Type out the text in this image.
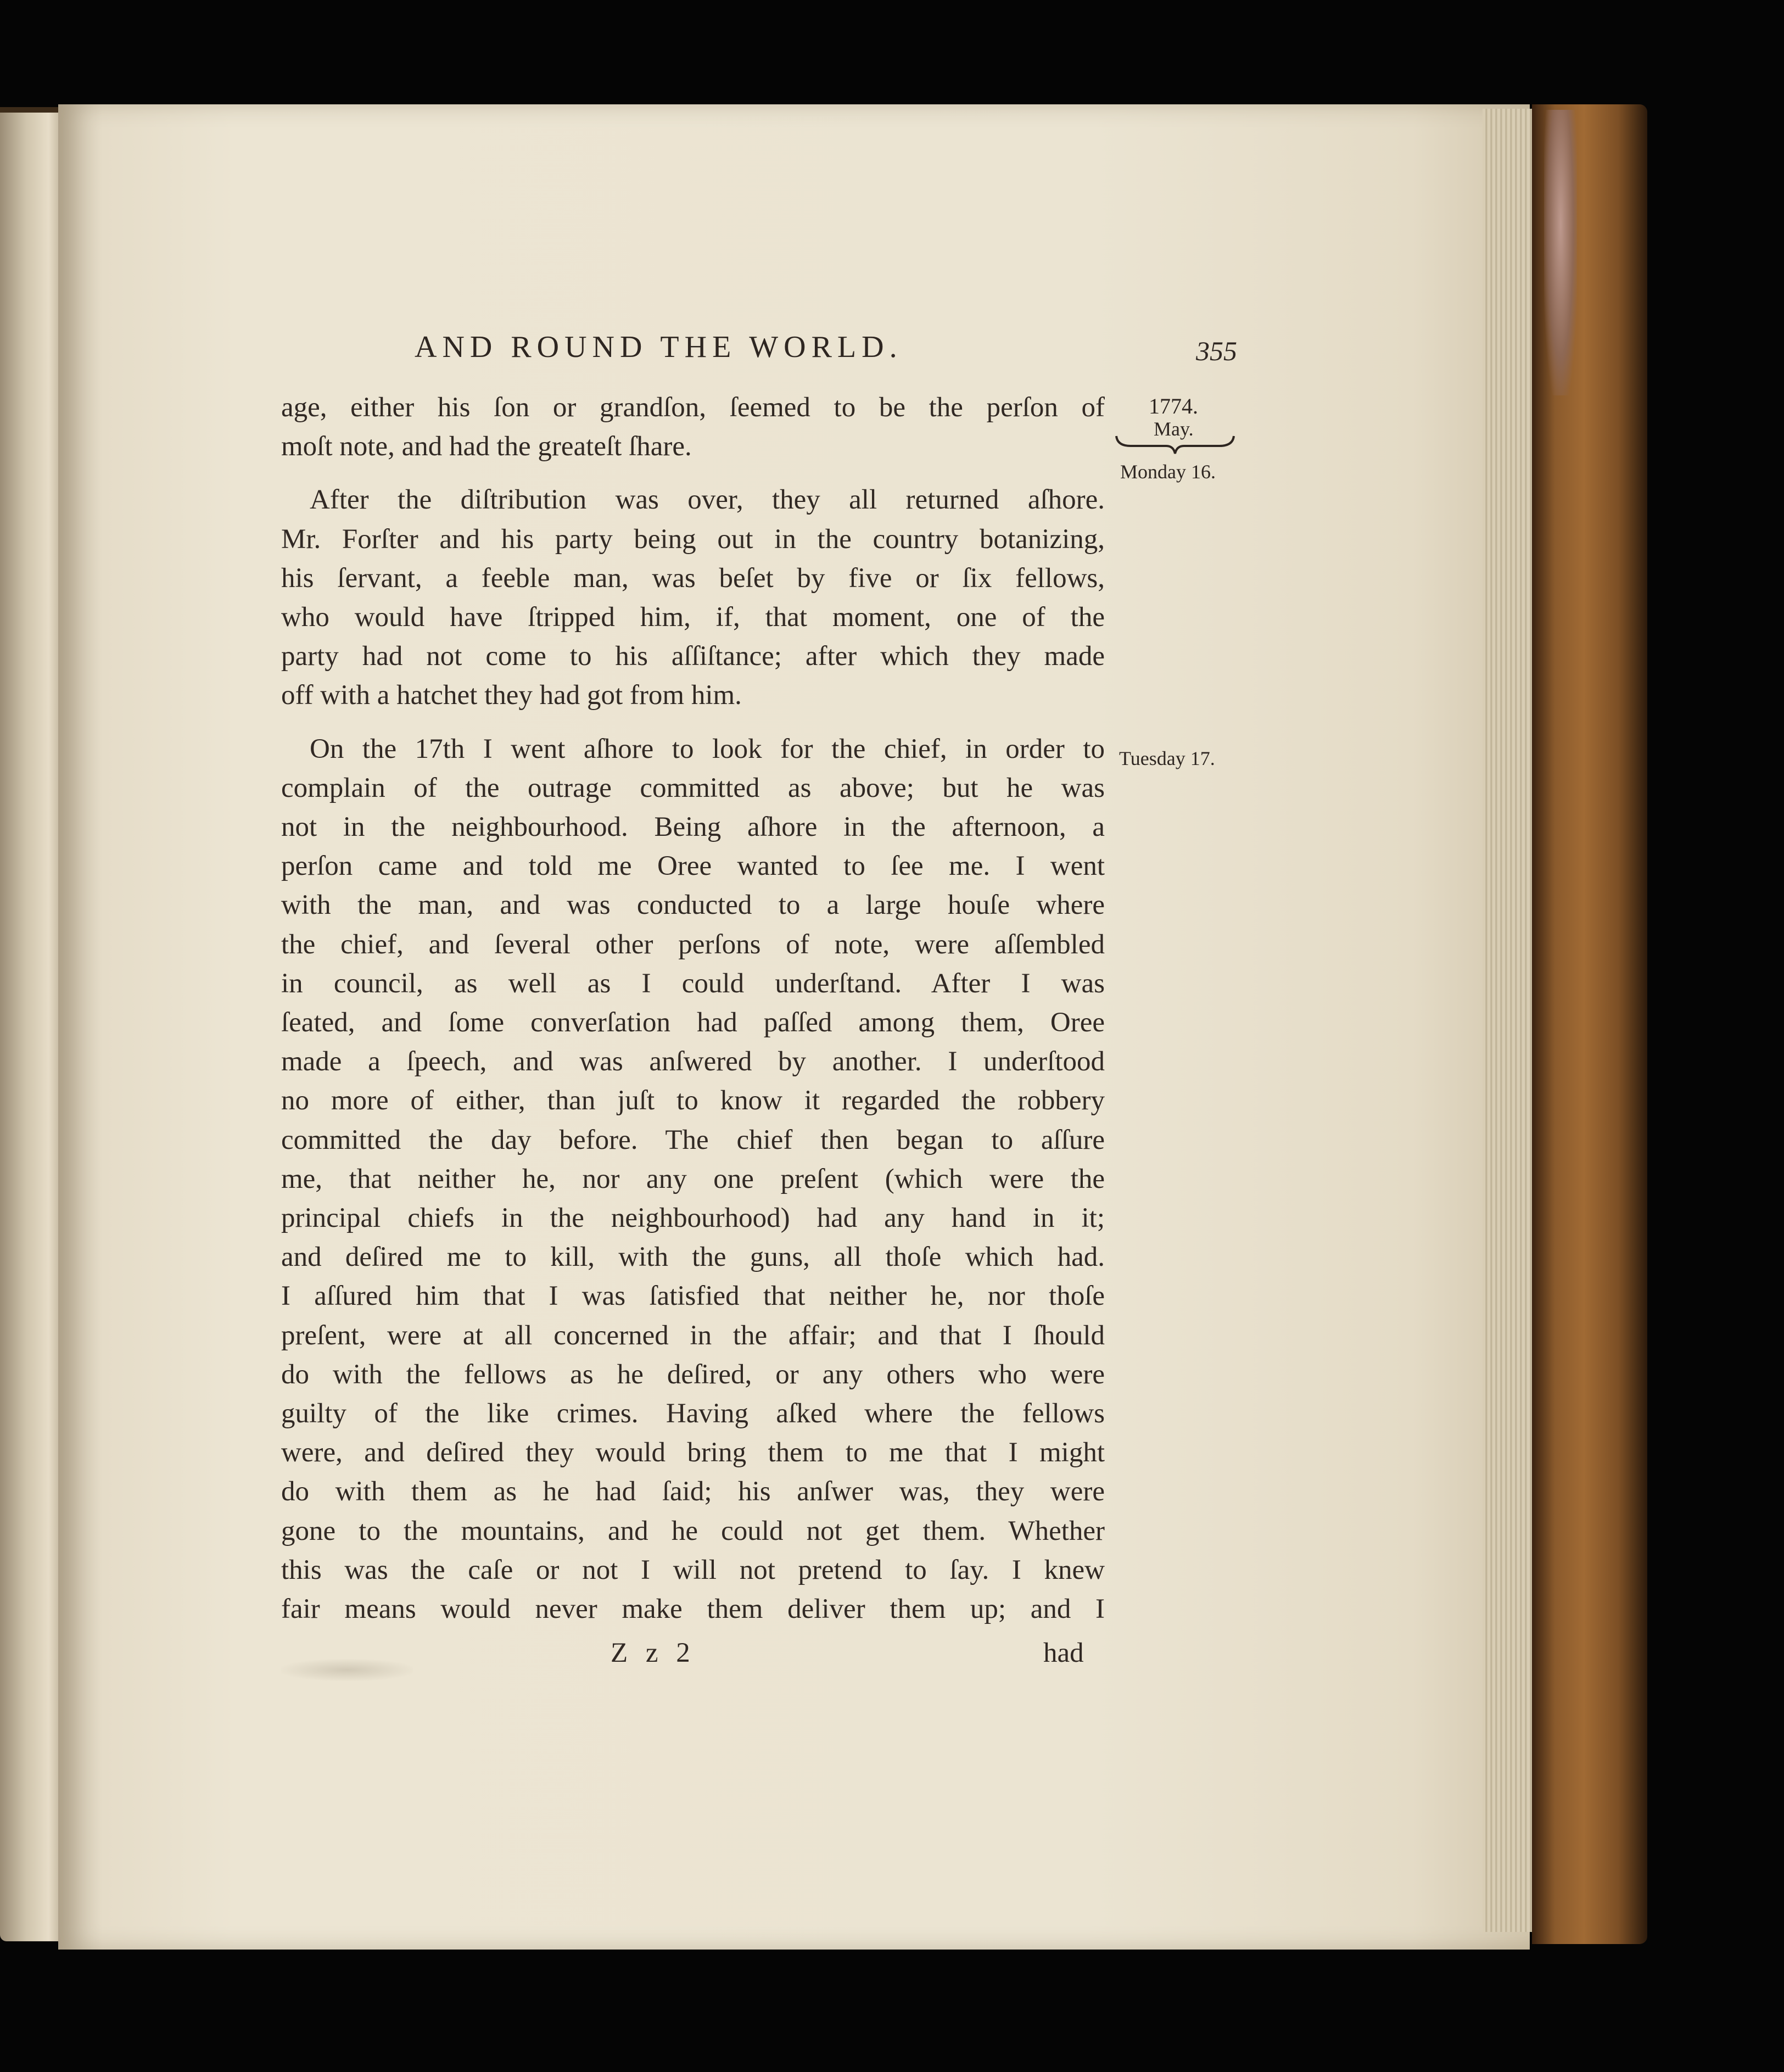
AND ROUND THE WORLD.	355
1774.
May.
Monday 16.
Tuesday 17.
age, either his ſon or grandſon, ſeemed to be the perſon of
moſt note, and had the greateſt ſhare.
After the diſtribution was over, they all returned aſhore.
Mr. Forſter and his party being out in the country botanizing,
his ſervant, a feeble man, was beſet by five or ſix fellows,
who would have ſtripped him, if, that moment, one of the
party had not come to his aſſiſtance; after which they made
off with a hatchet they had got from him.
On the 17th I went aſhore to look for the chief, in order to
complain of the outrage committed as above; but he was
not in the neighbourhood. Being aſhore in the afternoon, a
perſon came and told me Oree wanted to ſee me. I went
with the man, and was conducted to a large houſe where
the chief, and ſeveral other perſons of note, were aſſembled
in council, as well as I could underſtand. After I was
ſeated, and ſome converſation had paſſed among them, Oree
made a ſpeech, and was anſwered by another. I underſtood
no more of either, than juſt to know it regarded the robbery
committed the day before. The chief then began to aſſure
me, that neither he, nor any one preſent (which were the
principal chiefs in the neighbourhood) had any hand in it;
and deſired me to kill, with the guns, all thoſe which had.
I aſſured him that I was ſatisfied that neither he, nor thoſe
preſent, were at all concerned in the affair; and that I ſhould
do with the fellows as he deſired, or any others who were
guilty of the like crimes. Having aſked where the fellows
were, and deſired they would bring them to me that I might
do with them as he had ſaid; his anſwer was, they were
gone to the mountains, and he could not get them. Whether
this was the caſe or not I will not pretend to ſay. I knew
fair means would never make them deliver them up; and I
Z z 2	had
